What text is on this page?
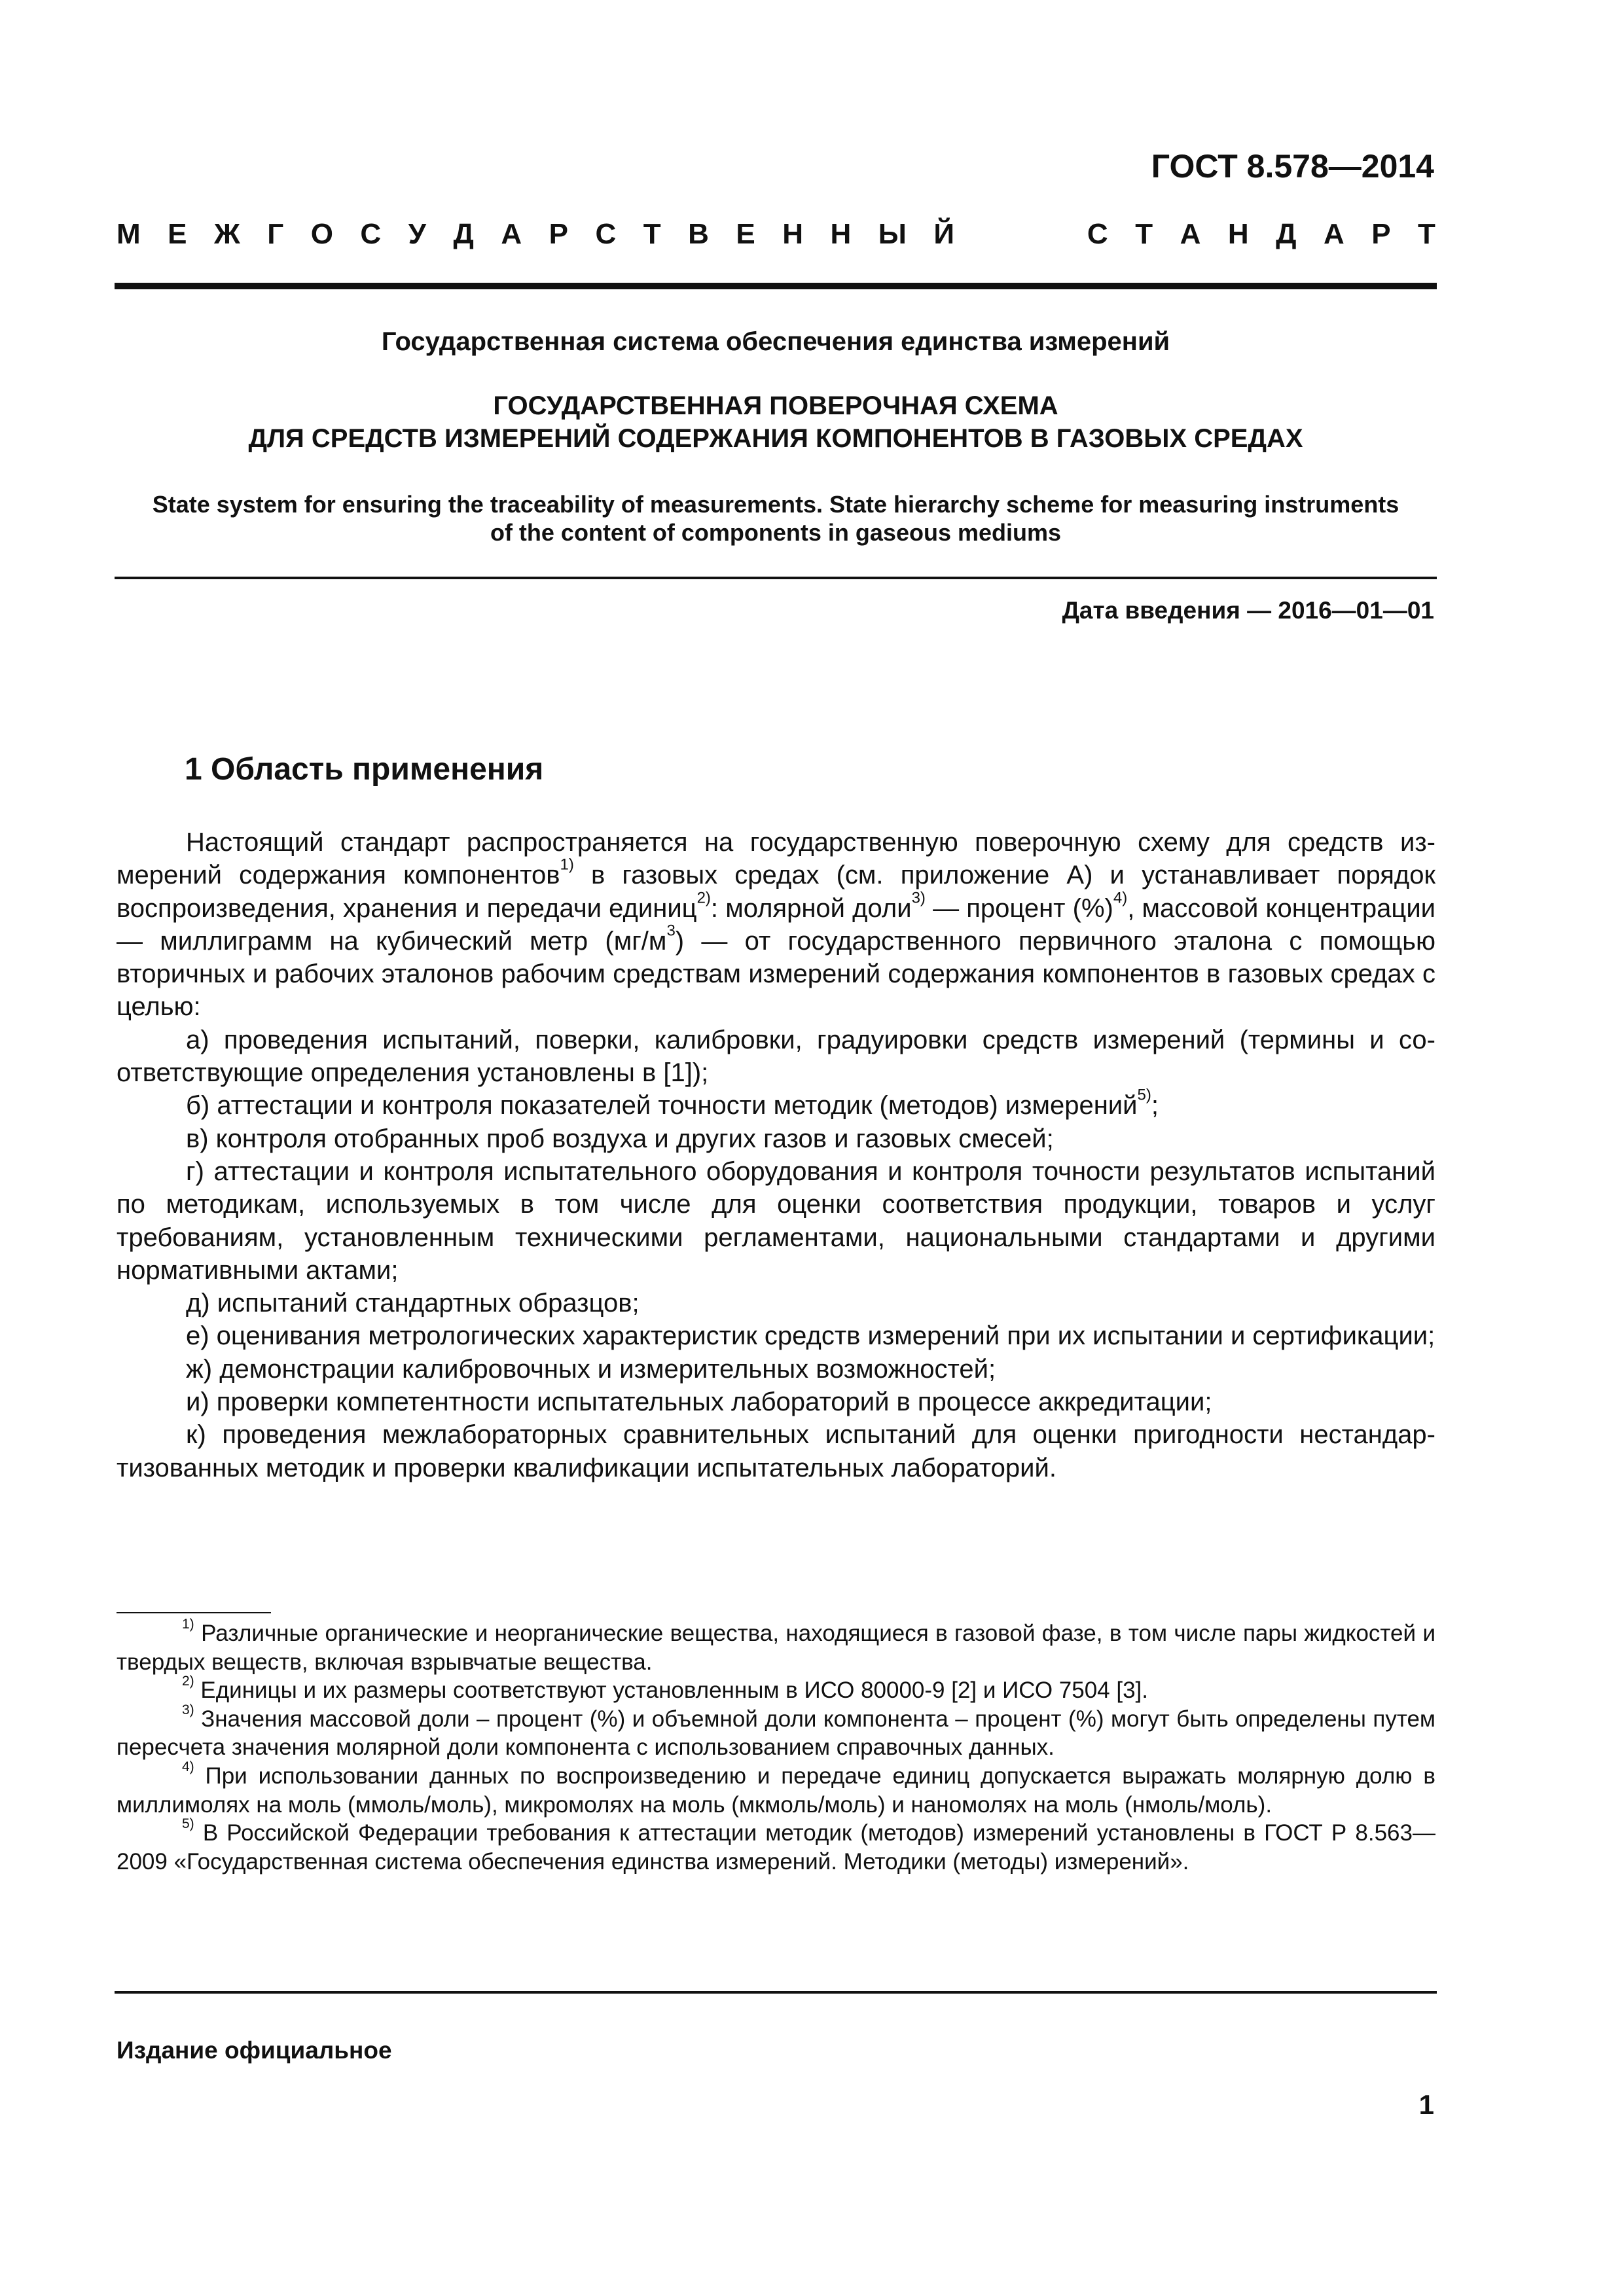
ГОСТ 8.578—2014
М Е Ж Г О С У Д А Р С Т В Е Н Н Ы Й	С Т А Н Д А Р Т
Государственная система обеспечения единства измерений
ГОСУДАРСТВЕННАЯ ПОВЕРОЧНАЯ СХЕМА
ДЛЯ СРЕДСТВ ИЗМЕРЕНИЙ СОДЕРЖАНИЯ КОМПОНЕНТОВ В ГАЗОВЫХ СРЕДАХ
State system for ensuring the traceability of measurements. State hierarchy scheme for measuring instruments
of the content of components in gaseous mediums
Дата введения — 2016—01—01
1 Область применения

Настоящий стандарт распространяется на государственную поверочную схему для средств измерений содержания компонентов$^{1)}$ в газовых средах (см. приложение А) и устанавливает порядок воспроизведения, хранения и передачи единиц$^{2)}$: молярной доли$^{3)}$ — процент (%)$^{4)}$, массовой концентрации — миллиграмм на кубический метр $(мг/м^3)$ — от государственного первичного эталона с помощью вторичных и рабочих эталонов рабочим средствам измерений содержания компонентов в газовых средах с целью:

а) проведения испытаний, поверки, калибровки, градуировки средств измерений (термины и соответствующие определения установлены в [1]);

б) аттестации и контроля показателей точности методик (методов) измерений$^{5)}$;

в) контроля отобранных проб воздуха и других газов и газовых смесей;

г) аттестации и контроля испытательного оборудования и контроля точности результатов испытаний по методикам, используемых в том числе для оценки соответствия продукции, товаров и услуг требованиям, установленным техническими регламентами, национальными стандартами и другими нормативными актами;

д) испытаний стандартных образцов;

е) оценивания метрологических характеристик средств измерений при их испытании и сертификации;

ж) демонстрации калибровочных и измерительных возможностей;

и) проверки компетентности испытательных лабораторий в процессе аккредитации;

к) проведения межлабораторных сравнительных испытаний для оценки пригодности нестандартизованных методик и проверки квалификации испытательных лабораторий.

$^{1)}$ Различные органические и неорганические вещества, находящиеся в газовой фазе, в том числе пары жидкостей и твердых веществ, включая взрывчатые вещества.

$^{2)}$ Единицы и их размеры соответствуют установленным в ИСО 80000-9 [2] и ИСО 7504 [3].

$^{3)}$ Значения массовой доли – процент (%) и объемной доли компонента – процент (%) могут быть определены путем пересчета значения молярной доли компонента с использованием справочных данных.

$^{4)}$ При использовании данных по воспроизведению и передаче единиц допускается выражать молярную долю в миллимолях на моль (ммоль/моль), микромолях на моль (мкмоль/моль) и наномолях на моль (нмоль/моль).

$^{5)}$ В Российской Федерации требования к аттестации методик (методов) измерений установлены в ГОСТ Р 8.563—2009 «Государственная система обеспечения единства измерений. Методики (методы) измерений».

Издание официальное
1
